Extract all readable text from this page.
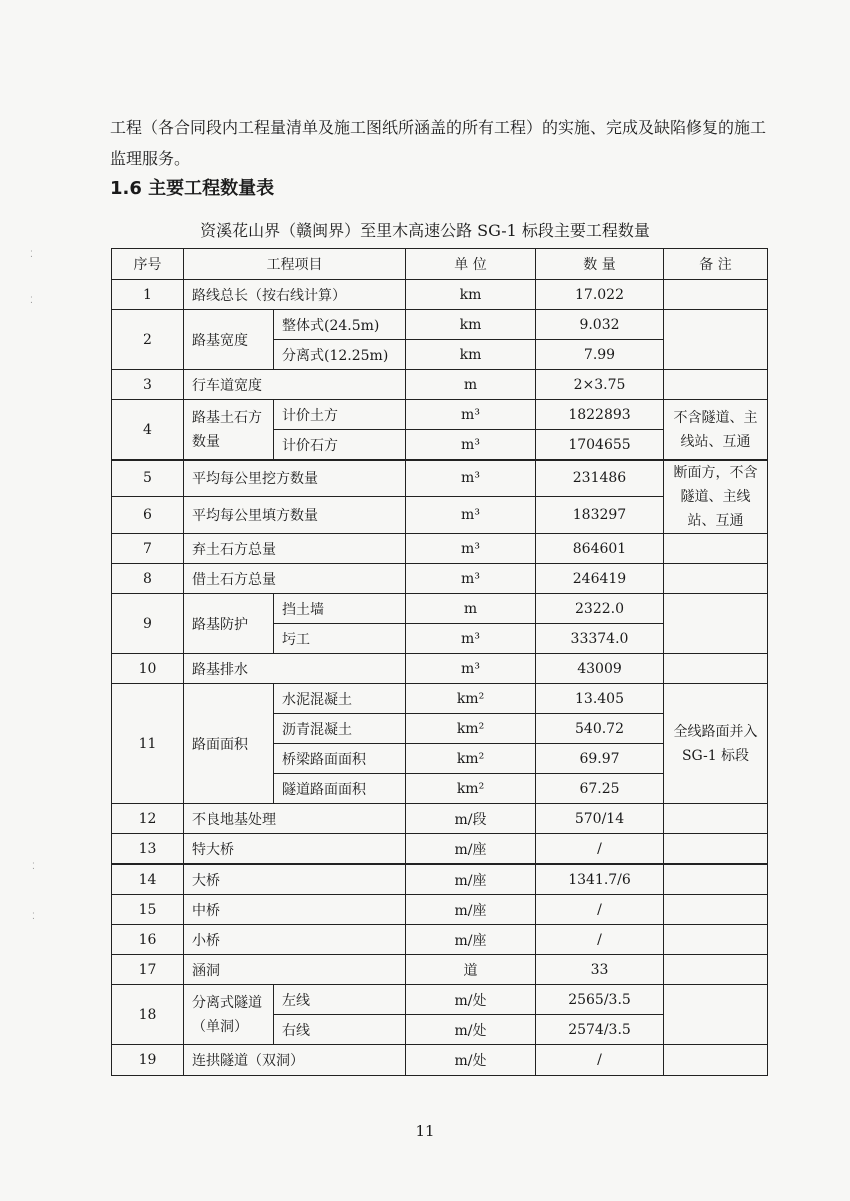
工程（各合同段内工程量清单及施工图纸所涵盖的所有工程）的实施、完成及缺陷修复的施工监理服务。

1.6 主要工程数量表

资溪花山界（赣闽界）至里木高速公路 SG-1 标段主要工程数量

⁚
⁚
⁚
⁚
序号	工程项目		单 位	数 量	备 注
1	路线总长（按右线计算）		km	17.022	
2	路基宽度	整体式(24.5m)	km	9.032	
		分离式(12.25m)	km	7.99	
3	行车道宽度		m	2×3.75	
4	路基土石方数量	计价土方	m³	1822893	不含隧道、主线站、互通
		计价石方	m³	1704655	
5	平均每公里挖方数量		m³	231486	断面方，不含隧道、主线站、互通
6	平均每公里填方数量		m³	183297	
7	弃土石方总量		m³	864601	
8	借土石方总量		m³	246419	
9	路基防护	挡土墙	m	2322.0	
		圬工	m³	33374.0	
10	路基排水		m³	43009	
11	路面面积	水泥混凝土	km²	13.405	全线路面并入 SG-1 标段
		沥青混凝土	km²	540.72	
		桥梁路面面积	km²	69.97	
		隧道路面面积	km²	67.25	
12	不良地基处理		m/段	570/14	
13	特大桥		m/座	/	
14	大桥		m/座	1341.7/6	
15	中桥		m/座	/	
16	小桥		m/座	/	
17	涵洞		道	33	
18	分离式隧道（单洞）	左线	m/处	2565/3.5	
		右线	m/处	2574/3.5	
19	连拱隧道（双洞）		m/处	/	
11
